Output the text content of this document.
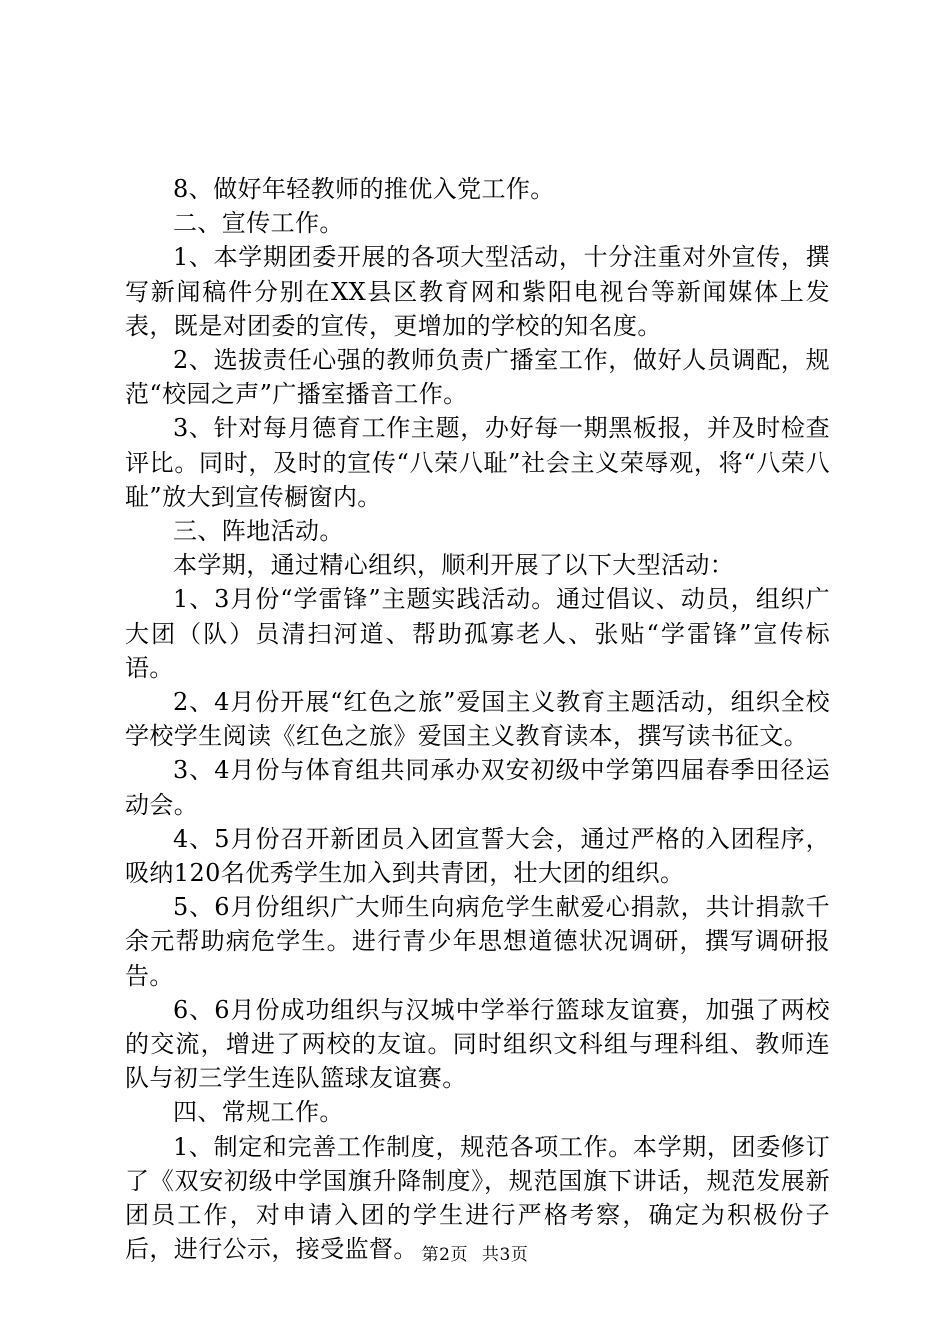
8、做好年轻教师的推优入党工作。

二、宣传工作。

1、本学期团委开展的各项大型活动，十分注重对外宣传，撰写新闻稿件分别在XX县区教育网和紫阳电视台等新闻媒体上发表，既是对团委的宣传，更增加的学校的知名度。

2、选拔责任心强的教师负责广播室工作，做好人员调配，规范“校园之声”广播室播音工作。

3、针对每月德育工作主题，办好每一期黑板报，并及时检查评比。同时，及时的宣传“八荣八耻”社会主义荣辱观，将“八荣八耻”放大到宣传橱窗内。

三、阵地活动。

本学期，通过精心组织，顺利开展了以下大型活动：

1、3月份“学雷锋”主题实践活动。通过倡议、动员，组织广大团（队）员清扫河道、帮助孤寡老人、张贴“学雷锋”宣传标语。

2、4月份开展“红色之旅”爱国主义教育主题活动，组织全校学校学生阅读《红色之旅》爱国主义教育读本，撰写读书征文。

3、4月份与体育组共同承办双安初级中学第四届春季田径运动会。

4、5月份召开新团员入团宣誓大会，通过严格的入团程序，吸纳120名优秀学生加入到共青团，壮大团的组织。

5、6月份组织广大师生向病危学生献爱心捐款，共计捐款千余元帮助病危学生。进行青少年思想道德状况调研，撰写调研报告。

6、6月份成功组织与汉城中学举行篮球友谊赛，加强了两校的交流，增进了两校的友谊。同时组织文科组与理科组、教师连队与初三学生连队篮球友谊赛。

四、常规工作。

1、制定和完善工作制度，规范各项工作。本学期，团委修订了《双安初级中学国旗升降制度》，规范国旗下讲话，规范发展新团员工作，对申请入团的学生进行严格考察，确定为积极份子后，进行公示，接受监督。 第2页 共3页
